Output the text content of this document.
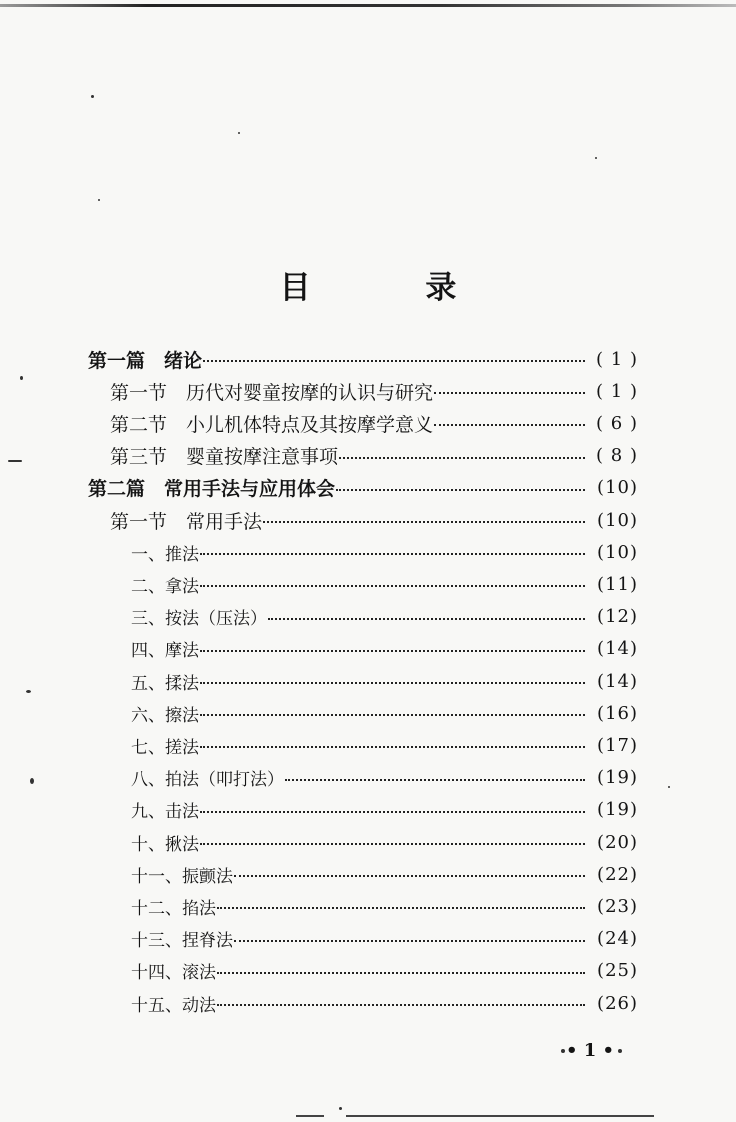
目 录
第一篇　绪论	( 1 )
第一节　历代对婴童按摩的认识与研究	( 1 )
第二节　小儿机体特点及其按摩学意义	( 6 )
第三节　婴童按摩注意事项	( 8 )
第二篇　常用手法与应用体会	(10)
第一节　常用手法	(10)
一、推法	(10)
二、拿法	(11)
三、按法（压法）	(12)
四、摩法	(14)
五、揉法	(14)
六、擦法	(16)
七、搓法	(17)
八、拍法（叩打法）	(19)
九、击法	(19)
十、揪法	(20)
十一、振颤法	(22)
十二、掐法	(23)
十三、捏脊法	(24)
十四、滚法	(25)
十五、动法	(26)
• 1 •
